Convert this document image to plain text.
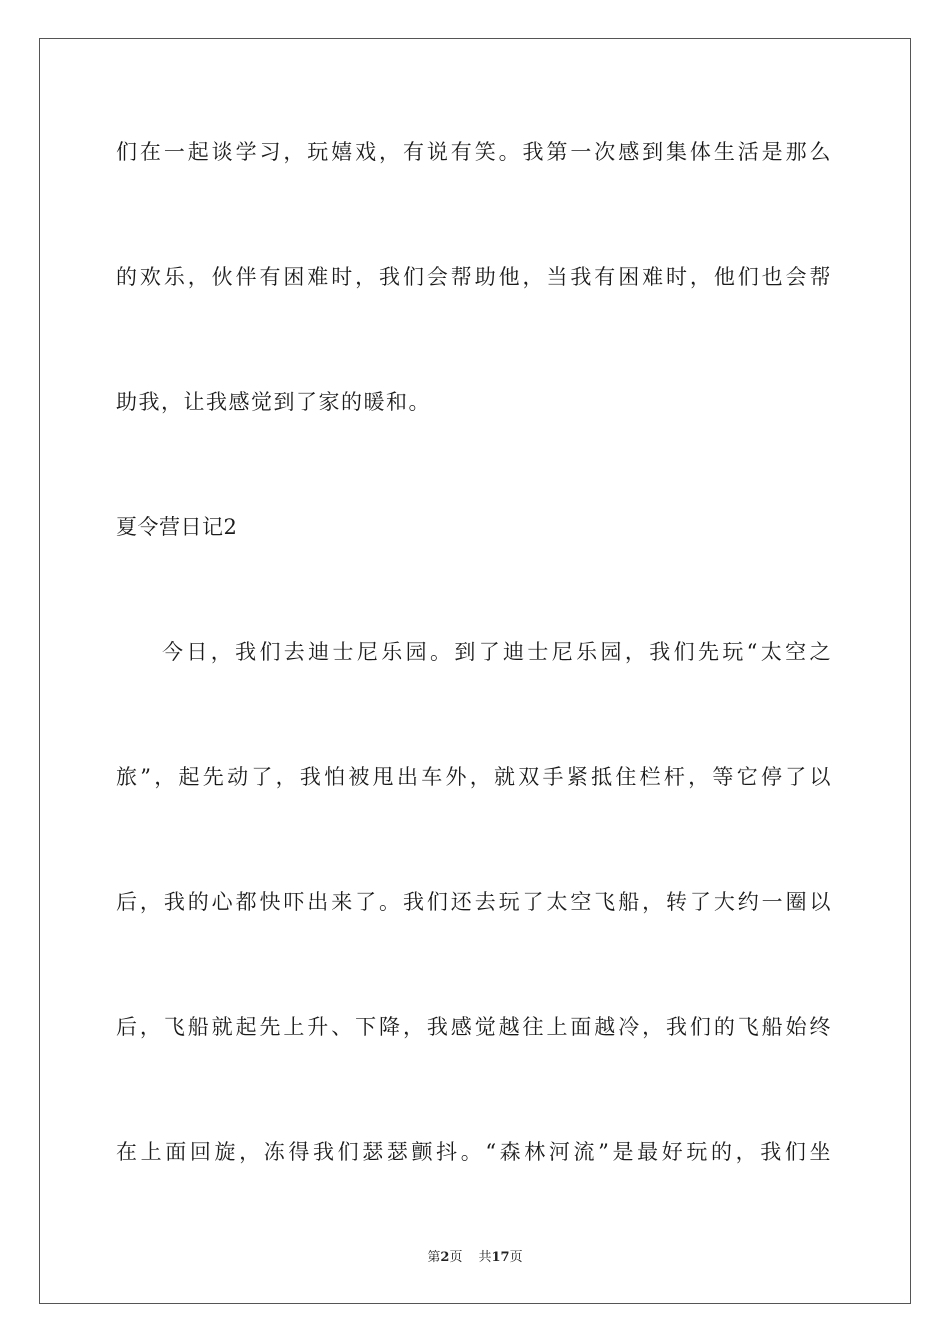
们在一起谈学习，玩嬉戏，有说有笑。我第一次感到集体生活是那么

的欢乐，伙伴有困难时，我们会帮助他，当我有困难时，他们也会帮

助我，让我感觉到了家的暖和。

夏令营日记2

今日，我们去迪士尼乐园。到了迪士尼乐园，我们先玩“太空之

旅”，起先动了，我怕被甩出车外，就双手紧抵住栏杆，等它停了以

后，我的心都快吓出来了。我们还去玩了太空飞船，转了大约一圈以

后，飞船就起先上升、下降，我感觉越往上面越冷，我们的飞船始终

在上面回旋，冻得我们瑟瑟颤抖。“森林河流”是最好玩的，我们坐

第2页 共17页
